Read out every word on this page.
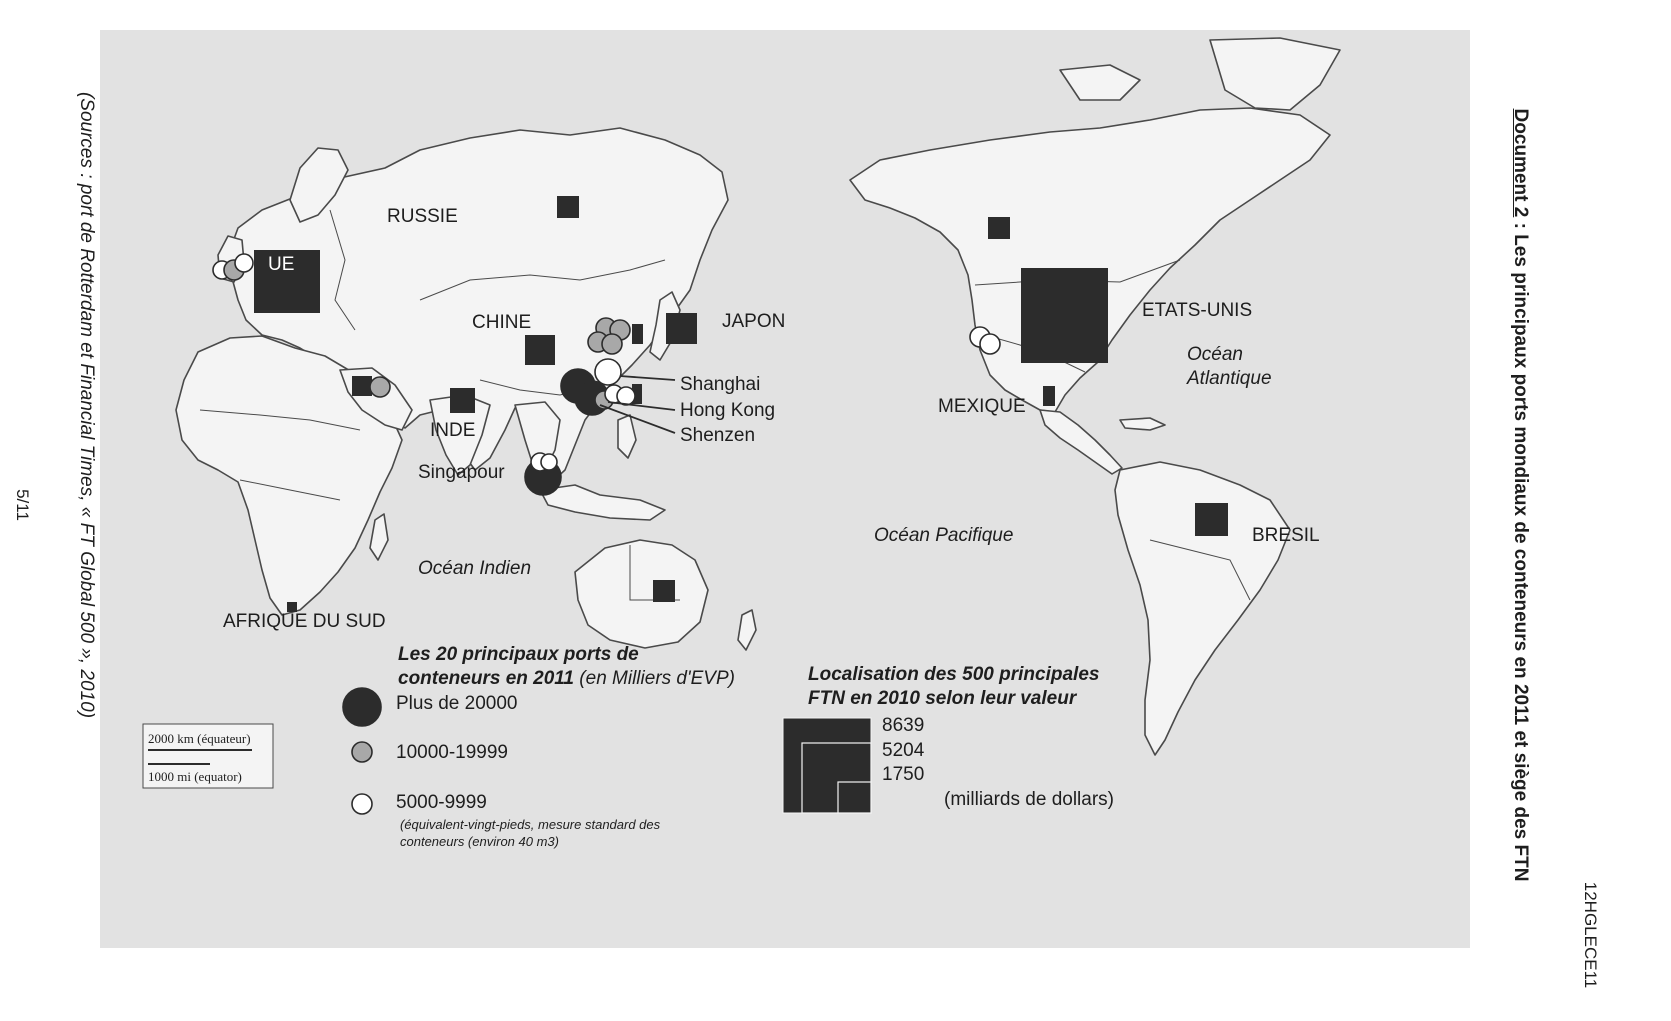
Document 2 : Les principaux ports mondiaux de conteneurs en 2011 et siège des FTN
12HGLECE11
(Sources : port de Rotterdam et Financial Times, « FT Global 500 », 2010)
5/11
RUSSIE
UE
CHINE	JAPON
INDE
Singapour
Shanghai
Hong Kong
Shenzen
ETATS-UNIS
MEXIQUE
BRESIL
AFRIQUE DU SUD
Océan
Atlantique
Océan Pacifique
Océan Indien
Les 20 principaux ports de
conteneurs en 2011 (en Milliers d'EVP)
Plus de 20000
10000-19999
5000-9999
(équivalent-vingt-pieds, mesure standard des
conteneurs (environ 40 m3)
Localisation des 500 principales
FTN en 2010 selon leur valeur
8639
5204
1750
(milliards de dollars)
2000 km (équateur)
1000 mi (equator)
